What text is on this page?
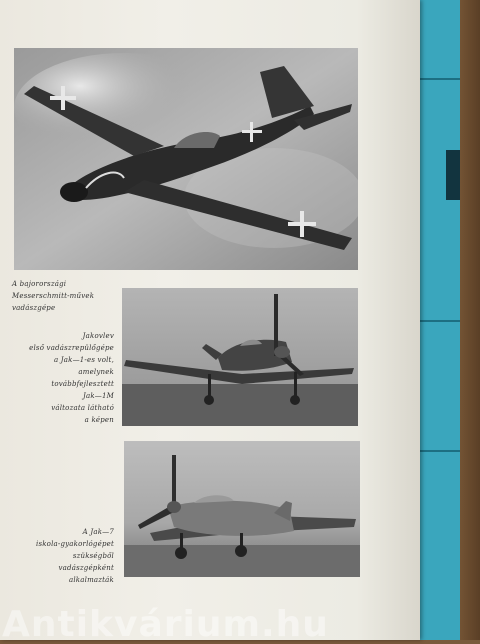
A bajorországi
Messerschmitt-művek
vadászgépe
Jakovlev
első vadászrepülőgépe
a Jak—1-es volt,
amelynek
továbbfejlesztett
Jak—1M
változata látható
a képen
A Jak—7
iskola-gyakorlógépet
szükségből
vadászgépként
alkalmazták
Antikvárium.hu
